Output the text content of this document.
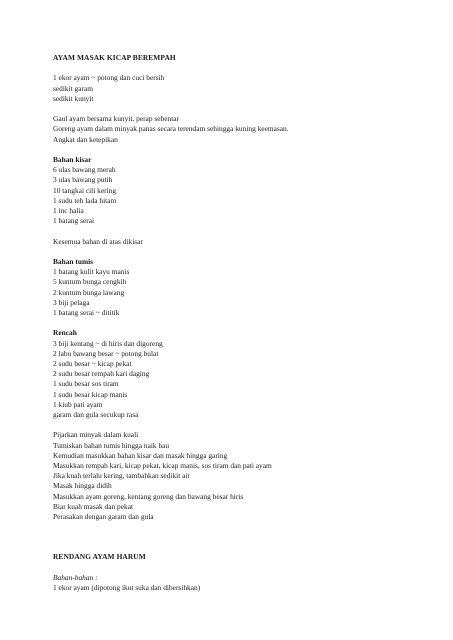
AYAM MASAK KICAP BEREMPAH

1 ekor ayam ~ potong dan cuci bersih
sedikit garam
sedikit kunyit
Gaul ayam bersama kunyit, perap sebentar
Goreng ayam dalam minyak panas secara terendam sehingga kuning keemasan.
Angkat dan ketepikan
Bahan kisar
6 ulas bawang merah
3 ulas bawang putih
10 tangkai cili kering
1 sudu teh lada hitam
1 inc halia
1 batang serai
Kesemua bahan di atas dikisar
Bahan tumis
1 batang kulit kayu manis
5 kuntum bunga cengkih
2 kuntum bunga lawang
3 biji pelaga
1 batang serai ~ dititik
Rencah
3 biji kentang ~ di hiris dan digoreng
2 labu bawang besar ~ potong bulat
2 sudu besar ~ kicap pekat
2 sudu besar rempah kari daging
1 sudu besar sos tiram
1 sudu besar kicap manis
1 kiub pati ayam
garam dan gula secukup rasa
Pijarkan minyak dalam kuali
Tumiskan bahan tumis hingga naik bau
Kemudian masukkan bahan kisar dan masak hingga garing
Masukkan rempah kari, kicap pekat, kicap manis, sos tiram dan pati ayam
Jika kuah terlalu kering, tambahkan sedikit air
Masak hingga didih
Masukkan ayam goreng, kentang goreng dan bawang besar hiris
Biar kuah masak dan pekat
Perasakan dengan garam dan gula

RENDANG AYAM HARUM

Bahan-bahan :
1 ekor ayam (dipotong ikut suka dan dibersihkan)
